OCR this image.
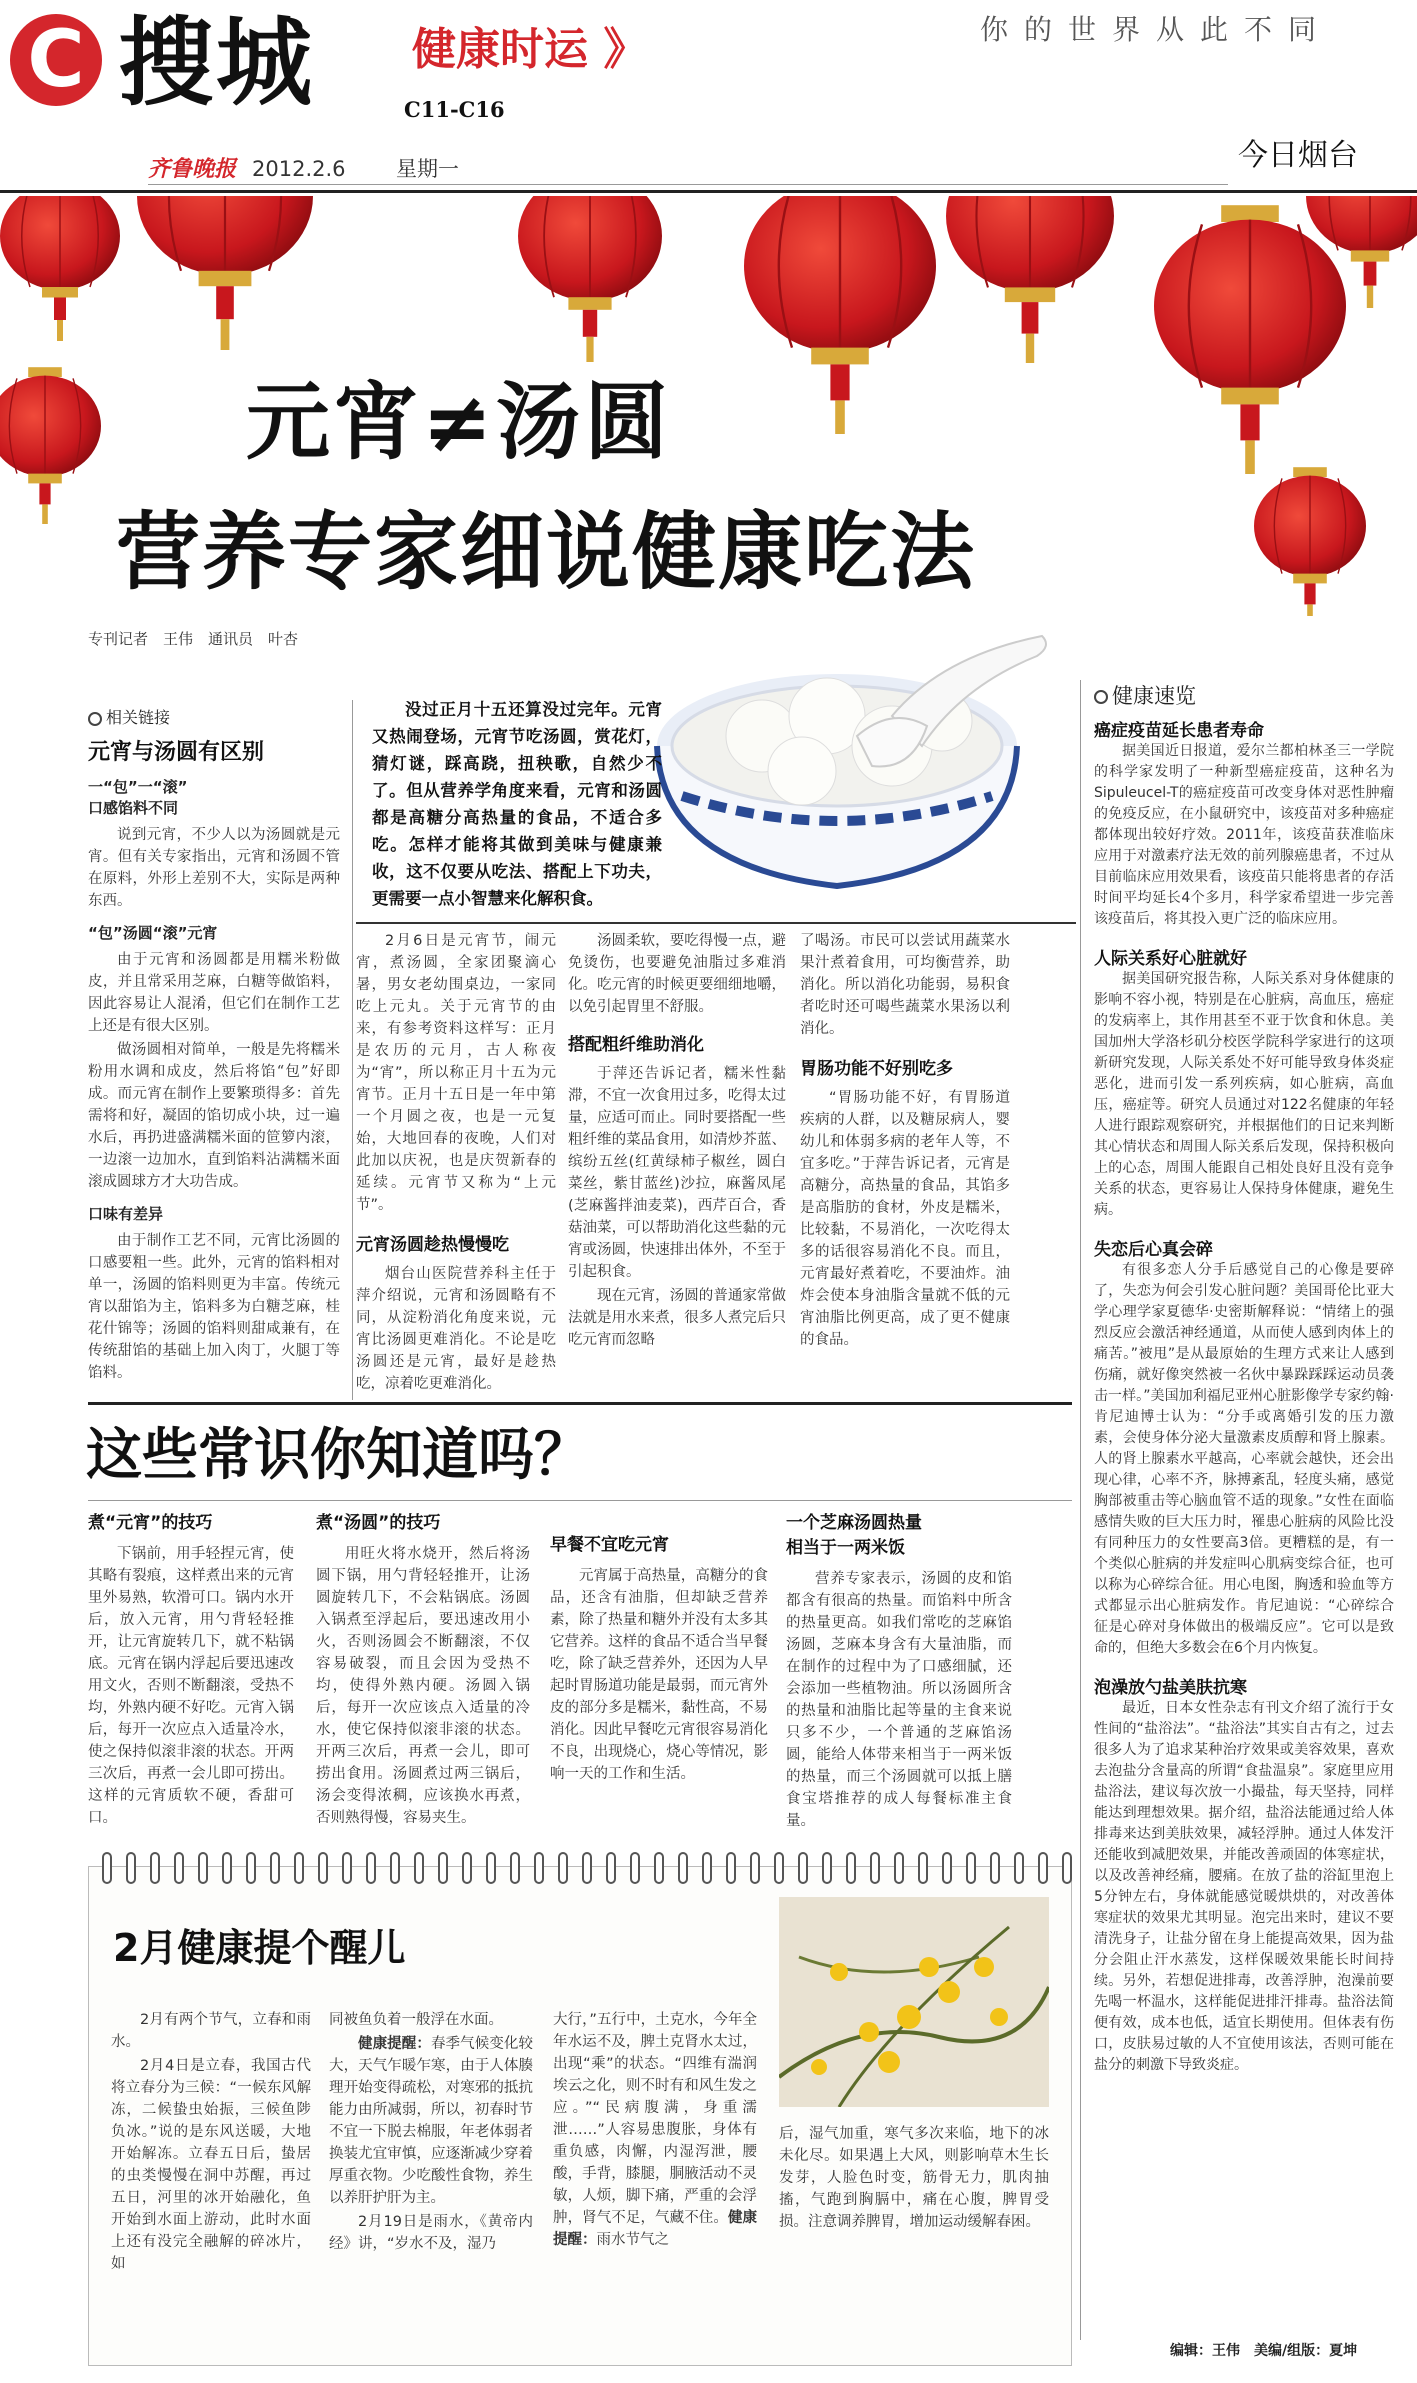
C 搜城 健康时运 》
C11-C16
你的世界从此不同
齐鲁晚报 2012.2.6 星期一	今日烟台
元宵≠汤圆
营养专家细说健康吃法
专刊记者　王伟　通讯员　叶杏
相关链接
元宵与汤圆有区别
一“包”一“滚”
口感馅料不同

说到元宵，不少人以为汤圆就是元宵。但有关专家指出，元宵和汤圆不管在原料，外形上差别不大，实际是两种东西。

“包”汤圆“滚”元宵

由于元宵和汤圆都是用糯米粉做皮，并且常采用芝麻，白糖等做馅料，因此容易让人混淆，但它们在制作工艺上还是有很大区别。

做汤圆相对简单，一般是先将糯米粉用水调和成皮，然后将馅“包”好即成。而元宵在制作上要繁琐得多：首先需将和好，凝固的馅切成小块，过一遍水后，再扔进盛满糯米面的笸箩内滚，一边滚一边加水，直到馅料沾满糯米面滚成圆球方才大功告成。

口味有差异

由于制作工艺不同，元宵比汤圆的口感要粗一些。此外，元宵的馅料相对单一，汤圆的馅料则更为丰富。传统元宵以甜馅为主，馅料多为白糖芝麻，桂花什锦等；汤圆的馅料则甜咸兼有，在传统甜馅的基础上加入肉丁，火腿丁等馅料。

没过正月十五还算没过完年。元宵又热闹登场，元宵节吃汤圆，赏花灯，猜灯谜，踩高跷，扭秧歌，自然少不了。但从营养学角度来看，元宵和汤圆都是高糖分高热量的食品，不适合多吃。怎样才能将其做到美味与健康兼收，这不仅要从吃法、搭配上下功夫，更需要一点小智慧来化解积食。

2月6日是元宵节，闹元宵，煮汤圆，全家团聚滴心暑，男女老幼围桌边，一家同吃上元丸。关于元宵节的由来，有参考资料这样写：正月是农历的元月，古人称夜为“宵”，所以称正月十五为元宵节。正月十五日是一年中第一个月圆之夜，也是一元复始，大地回春的夜晚，人们对此加以庆祝，也是庆贺新春的延续。元宵节又称为“上元节”。

元宵汤圆趁热慢慢吃

烟台山医院营养科主任于萍介绍说，元宵和汤圆略有不同，从淀粉消化角度来说，元宵比汤圆更难消化。不论是吃汤圆还是元宵，最好是趁热吃，凉着吃更难消化。

汤圆柔软，要吃得慢一点，避免烫伤，也要避免油脂过多难消化。吃元宵的时候更要细细地嚼，以免引起胃里不舒服。

搭配粗纤维助消化

于萍还告诉记者，糯米性黏滞，不宜一次食用过多，吃得太过量，应适可而止。同时要搭配一些粗纤维的菜品食用，如清炒芥蓝、缤纷五丝(红黄绿柿子椒丝，圆白菜丝，紫甘蓝丝)沙拉，麻酱凤尾(芝麻酱拌油麦菜)，西芹百合，香菇油菜，可以帮助消化这些黏的元宵或汤圆，快速排出体外，不至于引起积食。

现在元宵，汤圆的普通家常做法就是用水来煮，很多人煮完后只吃元宵而忽略

了喝汤。市民可以尝试用蔬菜水果汁煮着食用，可均衡营养，助消化。所以消化功能弱，易积食者吃时还可喝些蔬菜水果汤以利消化。

胃肠功能不好别吃多

“胃肠功能不好，有胃肠道疾病的人群，以及糖尿病人，婴幼儿和体弱多病的老年人等，不宜多吃。”于萍告诉记者，元宵是高糖分，高热量的食品，其馅多是高脂肪的食材，外皮是糯米，比较黏，不易消化，一次吃得太多的话很容易消化不良。而且，元宵最好煮着吃，不要油炸。油炸会使本身油脂含量就不低的元宵油脂比例更高，成了更不健康的食品。

健康速览
癌症疫苗延长患者寿命

据美国近日报道，爱尔兰都柏林圣三一学院的科学家发明了一种新型癌症疫苗，这种名为Sipuleucel-T的癌症疫苗可改变身体对恶性肿瘤的免疫反应，在小鼠研究中，该疫苗对多种癌症都体现出较好疗效。2011年，该疫苗获准临床应用于对激素疗法无效的前列腺癌患者，不过从目前临床应用效果看，该疫苗只能将患者的存活时间平均延长4个多月，科学家希望进一步完善该疫苗后，将其投入更广泛的临床应用。

人际关系好心脏就好

据美国研究报告称，人际关系对身体健康的影响不容小视，特别是在心脏病，高血压，癌症的发病率上，其作用甚至不亚于饮食和休息。美国加州大学洛杉矶分校医学院科学家进行的这项新研究发现，人际关系处不好可能导致身体炎症恶化，进而引发一系列疾病，如心脏病，高血压，癌症等。研究人员通过对122名健康的年轻人进行跟踪观察研究，并根据他们的日记来判断其心情状态和周围人际关系后发现，保持积极向上的心态，周围人能跟自己相处良好且没有竞争关系的状态，更容易让人保持身体健康，避免生病。

失恋后心真会碎

有很多恋人分手后感觉自己的心像是要碎了，失恋为何会引发心脏问题？美国哥伦比亚大学心理学家夏德华·史密斯解释说：“情绪上的强烈反应会激活神经通道，从而使人感到肉体上的痛苦。”被甩”是从最原始的生理方式来让人感到伤痛，就好像突然被一名伙中暴跺踩踩运动员袭击一样。”美国加利福尼亚州心脏影像学专家约翰·肯尼迪博士认为：“分手或离婚引发的压力激素，会使身体分泌大量激素皮质醇和肾上腺素。人的肾上腺素水平越高，心率就会越快，还会出现心律，心率不齐，脉搏紊乱，轻度头痛，感觉胸部被重击等心脑血管不适的现象。”女性在面临感情失败的巨大压力时，罹患心脏病的风险比没有同种压力的女性要高3倍。更糟糕的是，有一个类似心脏病的并发症叫心肌病变综合征，也可以称为心碎综合征。用心电图，胸透和验血等方式都显示出心脏病发作。肯尼迪说：“心碎综合征是心碎对身体做出的极端反应”。它可以是致命的，但绝大多数会在6个月内恢复。

泡澡放勺盐美肤抗寒

最近，日本女性杂志有刊文介绍了流行于女性间的“盐浴法”。“盐浴法”其实自古有之，过去很多人为了追求某种治疗效果或美容效果，喜欢去泡盐分含量高的所谓“食盐温泉”。家庭里应用盐浴法，建议每次放一小撮盐，每天坚持，同样能达到理想效果。据介绍，盐浴法能通过给人体排毒来达到美肤效果，减轻浮肿。通过人体发汗还能收到减肥效果，并能改善顽固的体寒症状，以及改善神经痛，腰痛。在放了盐的浴缸里泡上5分钟左右，身体就能感觉暖烘烘的，对改善体寒症状的效果尤其明显。泡完出来时，建议不要清洗身子，让盐分留在身上能提高效果，因为盐分会阻止汗水蒸发，这样保暖效果能长时间持续。另外，若想促进排毒，改善浮肿，泡澡前要先喝一杯温水，这样能促进排汗排毒。盐浴法简便有效，成本也低，适宜长期使用。但体表有伤口，皮肤易过敏的人不宜使用该法，否则可能在盐分的刺激下导致炎症。

这些常识你知道吗？
煮“元宵”的技巧

下锅前，用手轻捏元宵，使其略有裂痕，这样煮出来的元宵里外易熟，软滑可口。锅内水开后，放入元宵，用勺背轻轻推开，让元宵旋转几下，就不粘锅底。元宵在锅内浮起后要迅速改用文火，否则不断翻滚，受热不均，外熟内硬不好吃。元宵入锅后，每开一次应点入适量冷水，使之保持似滚非滚的状态。开两三次后，再煮一会儿即可捞出。这样的元宵质软不硬，香甜可口。

煮“汤圆”的技巧

用旺火将水烧开，然后将汤圆下锅，用勺背轻轻推开，让汤圆旋转几下，不会粘锅底。汤圆入锅煮至浮起后，要迅速改用小火，否则汤圆会不断翻滚，不仅容易破裂，而且会因为受热不均，使得外熟内硬。汤圆入锅后，每开一次应该点入适量的冷水，使它保持似滚非滚的状态。开两三次后，再煮一会儿，即可捞出食用。汤圆煮过两三锅后，汤会变得浓稠，应该换水再煮，否则熟得慢，容易夹生。

早餐不宜吃元宵

元宵属于高热量，高糖分的食品，还含有油脂，但却缺乏营养素，除了热量和糖外并没有太多其它营养。这样的食品不适合当早餐吃，除了缺乏营养外，还因为人早起时胃肠道功能是最弱，而元宵外皮的部分多是糯米，黏性高，不易消化。因此早餐吃元宵很容易消化不良，出现烧心，烧心等情况，影响一天的工作和生活。

一个芝麻汤圆热量
相当于一两米饭

营养专家表示，汤圆的皮和馅都含有很高的热量。而馅料中所含的热量更高。如我们常吃的芝麻馅汤圆，芝麻本身含有大量油脂，而在制作的过程中为了口感细腻，还会添加一些植物油。所以汤圆所含的热量和油脂比起等量的主食来说只多不少，一个普通的芝麻馅汤圆，能给人体带来相当于一两米饭的热量，而三个汤圆就可以抵上膳食宝塔推荐的成人每餐标准主食量。

2月健康提个醒儿

2月有两个节气，立春和雨水。

2月4日是立春，我国古代将立春分为三候：“一候东风解冻，二候蛰虫始振，三候鱼陟负冰。”说的是东风送暖，大地开始解冻。立春五日后，蛰居的虫类慢慢在洞中苏醒，再过五日，河里的冰开始融化，鱼开始到水面上游动，此时水面上还有没完全融解的碎冰片，如

同被鱼负着一般浮在水面。

健康提醒：春季气候变化较大，天气乍暖乍寒，由于人体腠理开始变得疏松，对寒邪的抵抗能力由所减弱，所以，初春时节不宜一下脱去棉服，年老体弱者换装尤宜审慎，应逐渐减少穿着厚重衣物。少吃酸性食物，养生以养肝护肝为主。

2月19日是雨水，《黄帝内经》讲，“岁水不及，湿乃

大行，”五行中，土克水，今年全年水运不及，脾土克肾水太过，出现“乘”的状态。“四维有湍润埃云之化，则不时有和风生发之应。”“民病腹满，身重濡泄……”人容易患腹胀，身体有重负感，肉懈，内湿泻泄，腰酸，手背，膝腿，胴腋活动不灵敏，人烦，脚下痛，严重的会浮肿，肾气不足，气藏不住。健康提醒：雨水节气之

后，湿气加重，寒气多次来临，地下的冰未化尽。如果遇上大风，则影响草木生长发芽，人脸色时变，筋骨无力，肌肉抽搐，气跑到胸膈中，痛在心腹，脾胃受损。注意调养脾胃，增加运动缓解春困。

编辑：王伟　美编/组版：夏坤
